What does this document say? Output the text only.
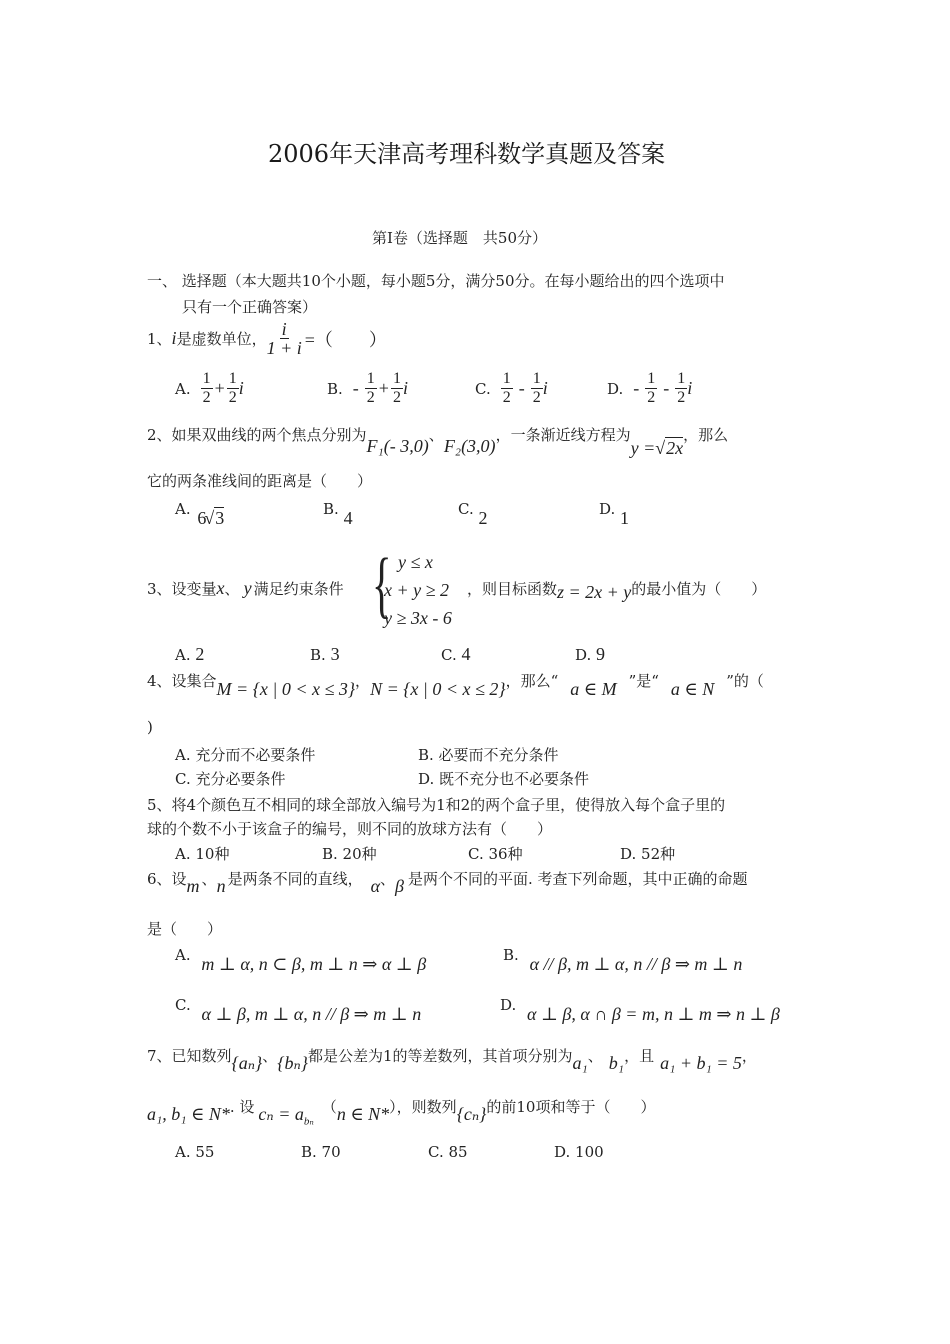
2006年天津高考理科数学真题及答案
第Ⅰ卷（选择题　共50分）
一、 选择题（本大题共10个小题，每小题5分，满分50分。在每小题给出的四个选项中
只有一个正确答案）
1、 i 是虚数单位， $\frac{i}{1 + i}$ =（　　）
A. $\frac{1}{2} + \frac{1}{2}$ i	B. - $\frac{1}{2} + \frac{1}{2}$ i	C. $\frac{1}{2} - \frac{1}{2}$ i	D. - $\frac{1}{2} - \frac{1}{2}$ i
2、如果双曲线的两个焦点分别为
F₁(- 3,0)
、
F₂(3,0)
，一条渐近线方程为
y = √ 2x
，那么
它的两条准线间的距离是（　　）
A. 6√3	B. 4	C. 2	D. 1
3、设变量x、 y 满足约束条件 { y ≤ x
x + y ≥ 2
y ≥ 3x - 6
，则目标函数z = 2x + y的最小值为（　　）
A. 2	B. 3	C. 4	D. 9
4、设集合 M = {x | 0 < x ≤ 3} ， N = {x | 0 < x ≤ 2} ，那么“ a ∈ M ”是“ a ∈ N ”的（
)
A. 充分而不必要条件	B. 必要而不充分条件
C. 充分必要条件	D. 既不充分也不必要条件
5、将4个颜色互不相同的球全部放入编号为1和2的两个盒子里，使得放入每个盒子里的
球的个数不小于该盒子的编号，则不同的放球方法有（　　）
A. 10种	B. 20种	C. 36种	D. 52种
6、设 m 、 n 是两条不同的直线， α 、 β 是两个不同的平面. 考查下列命题，其中正确的命题
是（　　）
A. m ⊥ α, n ⊂ β, m ⊥ n ⇒ α ⊥ β	B. α // β, m ⊥ α, n // β ⇒ m ⊥ n
C. α ⊥ β, m ⊥ α, n // β ⇒ m ⊥ n	D. α ⊥ β, α ∩ β = m, n ⊥ m ⇒ n ⊥ β
7、已知数列 {aₙ} 、 {bₙ} 都是公差为1的等差数列，其首项分别为 a₁ 、 b₁ ，且 a₁ + b₁ = 5 ，
a₁, b₁ ∈ N* . 设 $c_n = a_{b_n}$
（ n ∈ N* ），则数列 {cₙ} 的前10项和等于（　　）
A. 55	B. 70	C. 85	D. 100
